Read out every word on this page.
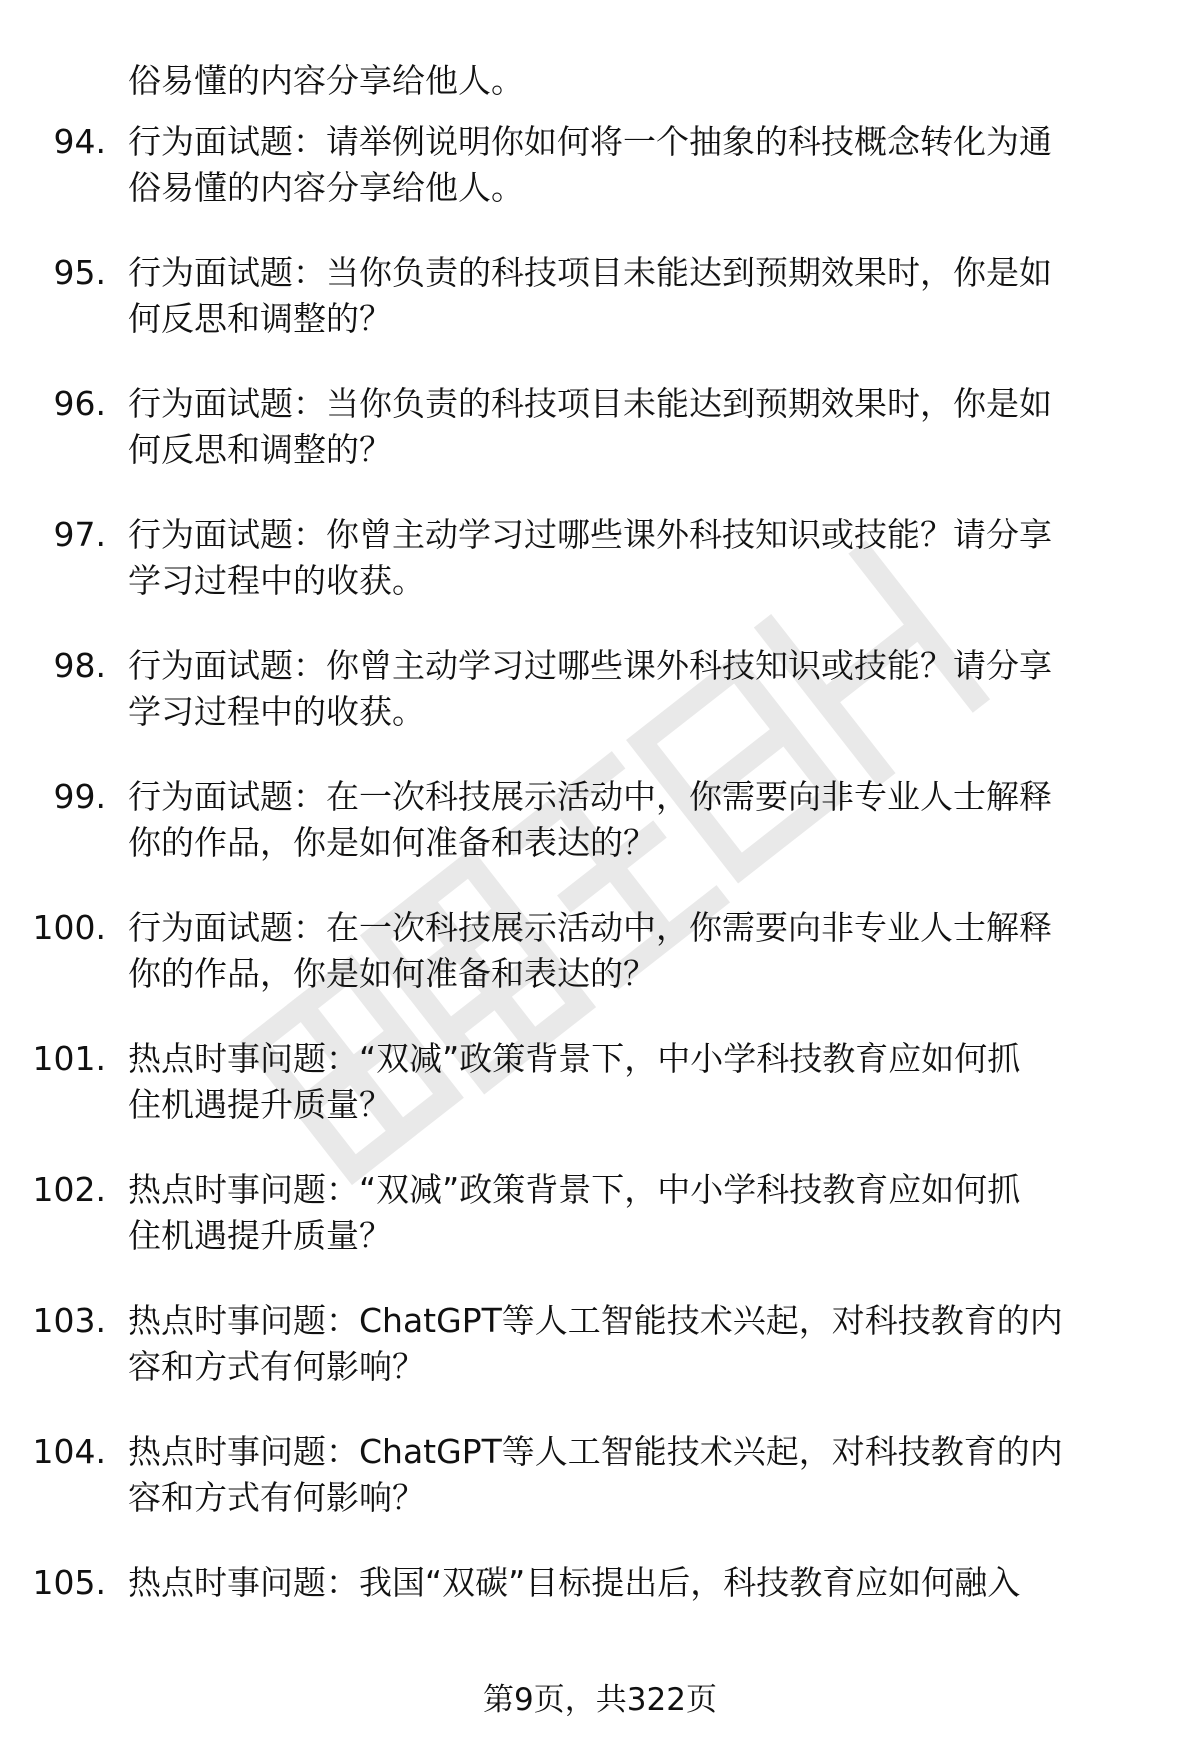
俗易懂的内容分享给他人。
94. 行为面试题：请举例说明你如何将一个抽象的科技概念转化为通
俗易懂的内容分享给他人。
95. 行为面试题：当你负责的科技项目未能达到预期效果时，你是如
何反思和调整的？
96. 行为面试题：当你负责的科技项目未能达到预期效果时，你是如
何反思和调整的？
97. 行为面试题：你曾主动学习过哪些课外科技知识或技能？请分享
学习过程中的收获。
98. 行为面试题：你曾主动学习过哪些课外科技知识或技能？请分享
学习过程中的收获。
99. 行为面试题：在一次科技展示活动中，你需要向非专业人士解释
你的作品，你是如何准备和表达的？
100. 行为面试题：在一次科技展示活动中，你需要向非专业人士解释
你的作品，你是如何准备和表达的？
101. 热点时事问题：“双减”政策背景下，中小学科技教育应如何抓
住机遇提升质量？
102. 热点时事问题：“双减”政策背景下，中小学科技教育应如何抓
住机遇提升质量？
103. 热点时事问题：ChatGPT等人工智能技术兴起，对科技教育的内
容和方式有何影响？
104. 热点时事问题：ChatGPT等人工智能技术兴起，对科技教育的内
容和方式有何影响？
105. 热点时事问题：我国“双碳”目标提出后，科技教育应如何融入
第9页，共322页
